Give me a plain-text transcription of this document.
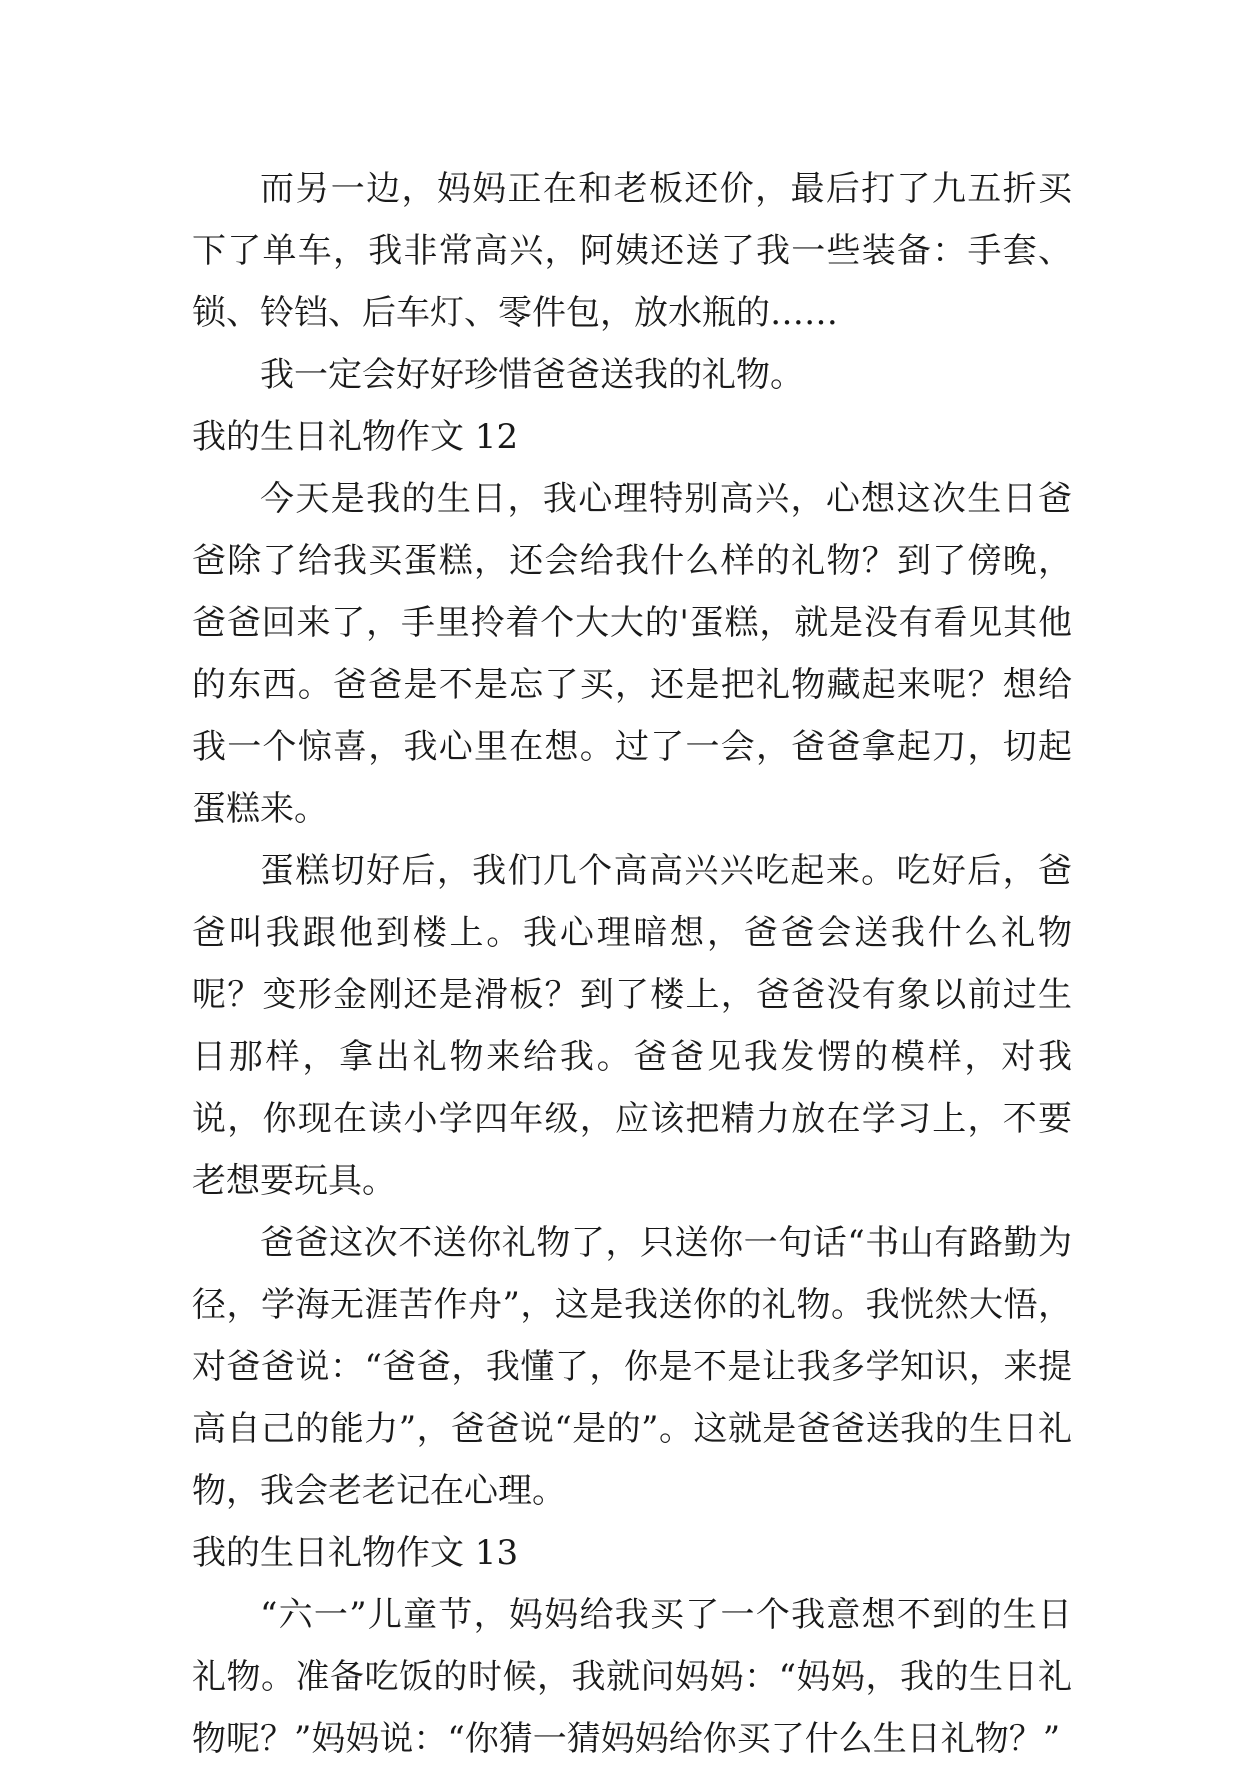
而另一边，妈妈正在和老板还价，最后打了九五折买下了单车，我非常高兴，阿姨还送了我一些装备：手套、锁、铃铛、后车灯、零件包，放水瓶的……

我一定会好好珍惜爸爸送我的礼物。

我的生日礼物作文 12

今天是我的生日，我心理特别高兴，心想这次生日爸爸除了给我买蛋糕，还会给我什么样的礼物？到了傍晚，爸爸回来了，手里拎着个大大的'蛋糕，就是没有看见其他的东西。爸爸是不是忘了买，还是把礼物藏起来呢？想给我一个惊喜，我心里在想。过了一会，爸爸拿起刀，切起蛋糕来。

蛋糕切好后，我们几个高高兴兴吃起来。吃好后，爸爸叫我跟他到楼上。我心理暗想，爸爸会送我什么礼物呢？变形金刚还是滑板？到了楼上，爸爸没有象以前过生日那样，拿出礼物来给我。爸爸见我发愣的模样，对我说，你现在读小学四年级，应该把精力放在学习上，不要老想要玩具。

爸爸这次不送你礼物了，只送你一句话“书山有路勤为径，学海无涯苦作舟”，这是我送你的礼物。我恍然大悟，对爸爸说：“爸爸，我懂了，你是不是让我多学知识，来提高自己的能力”，爸爸说“是的”。这就是爸爸送我的生日礼物，我会老老记在心理。

我的生日礼物作文 13

“六一”儿童节，妈妈给我买了一个我意想不到的生日礼物。准备吃饭的时候，我就问妈妈：“妈妈，我的生日礼物呢？”妈妈说：“你猜一猜妈妈给你买了什么生日礼物？”
